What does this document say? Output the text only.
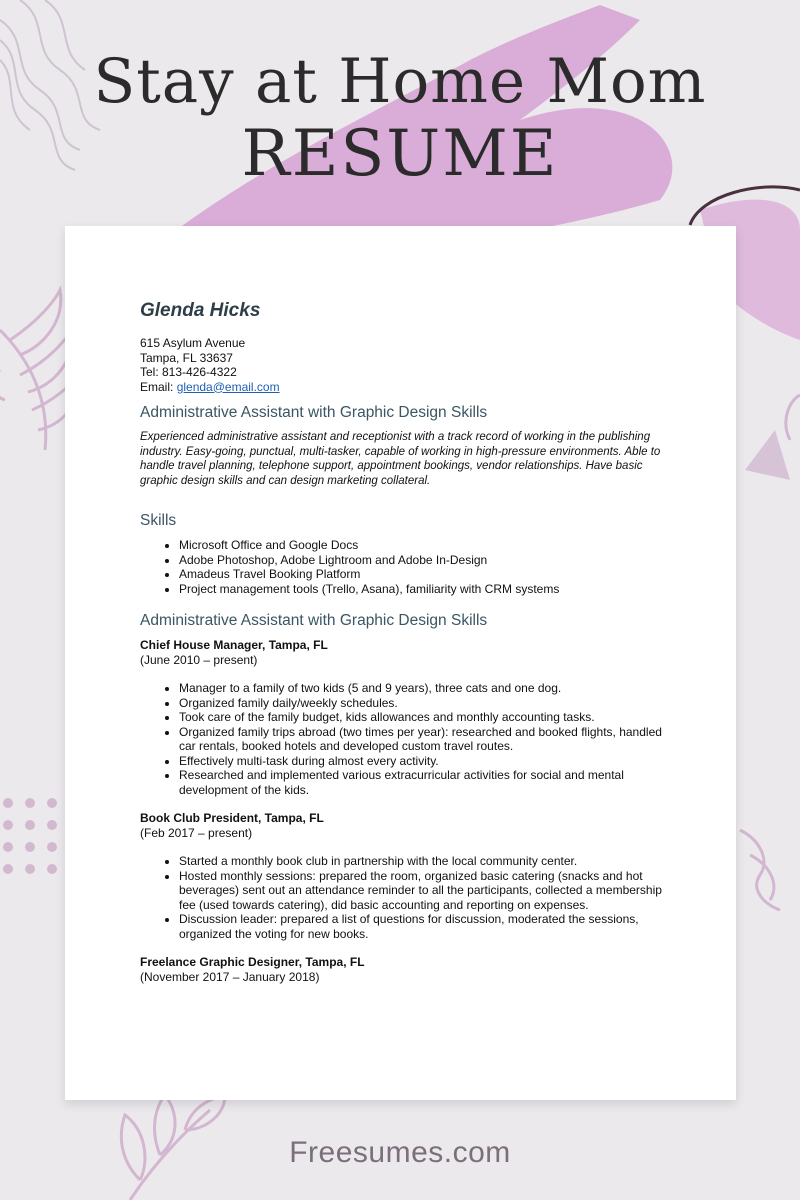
Stay at Home Mom
RESUME
Glenda Hicks
615 Asylum Avenue
Tampa, FL 33637
Tel: 813-426-4322
Email: glenda@email.com
Administrative Assistant with Graphic Design Skills
Experienced administrative assistant and receptionist with a track record of working in the publishing industry. Easy-going, punctual, multi-tasker, capable of working in high-pressure environments. Able to handle travel planning, telephone support, appointment bookings, vendor relationships. Have basic graphic design skills and can design marketing collateral.
Skills
• Microsoft Office and Google Docs
• Adobe Photoshop, Adobe Lightroom and Adobe In-Design
• Amadeus Travel Booking Platform
• Project management tools (Trello, Asana), familiarity with CRM systems
Administrative Assistant with Graphic Design Skills
Chief House Manager, Tampa, FL
(June 2010 – present)
• Manager to a family of two kids (5 and 9 years), three cats and one dog.
• Organized family daily/weekly schedules.
• Took care of the family budget, kids allowances and monthly accounting tasks.
• Organized family trips abroad (two times per year): researched and booked flights, handled car rentals, booked hotels and developed custom travel routes.
• Effectively multi-task during almost every activity.
• Researched and implemented various extracurricular activities for social and mental development of the kids.
Book Club President, Tampa, FL
(Feb 2017 – present)
• Started a monthly book club in partnership with the local community center.
• Hosted monthly sessions: prepared the room, organized basic catering (snacks and hot beverages) sent out an attendance reminder to all the participants, collected a membership fee (used towards catering), did basic accounting and reporting on expenses.
• Discussion leader: prepared a list of questions for discussion, moderated the sessions, organized the voting for new books.
Freelance Graphic Designer, Tampa, FL
(November 2017 – January 2018)
Freesumes.com
